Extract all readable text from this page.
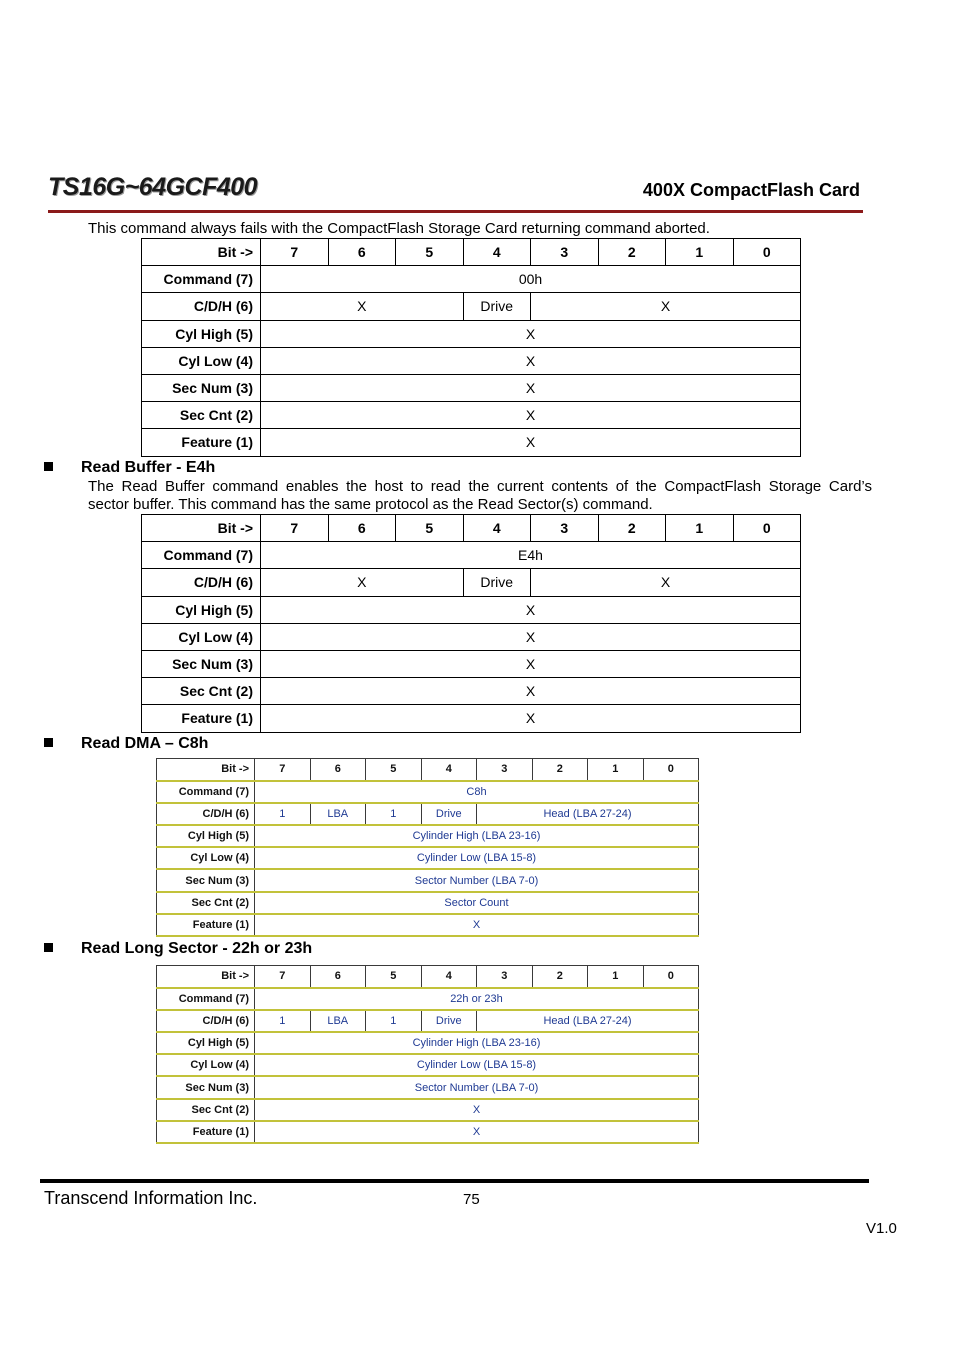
TS16G~64GCF400	400X CompactFlash Card
This command always fails with the CompactFlash Storage Card returning command aborted.
Bit ->	7	6	5	4	3	2	1	0
Command (7)	00h							
C/D/H (6)	X			Drive	X			
Cyl High (5)	X							
Cyl Low (4)	X							
Sec Num (3)	X							
Sec Cnt (2)	X							
Feature (1)	X							
Read Buffer - E4h
The Read Buffer command enables the host to read the current contents of the CompactFlash Storage Card’s
sector buffer. This command has the same protocol as the Read Sector(s) command.
Bit ->	7	6	5	4	3	2	1	0
Command (7)	E4h							
C/D/H (6)	X			Drive	X			
Cyl High (5)	X							
Cyl Low (4)	X							
Sec Num (3)	X							
Sec Cnt (2)	X							
Feature (1)	X							
Read DMA – C8h
Bit ->	7	6	5	4	3	2	1	0
Command (7)	C8h							
C/D/H (6)	1	LBA	1	Drive	Head (LBA 27-24)			
Cyl High (5)	Cylinder High (LBA 23-16)							
Cyl Low (4)	Cylinder Low (LBA 15-8)							
Sec Num (3)	Sector Number (LBA 7-0)							
Sec Cnt (2)	Sector Count							
Feature (1)	X							
Read Long Sector - 22h or 23h
Bit ->	7	6	5	4	3	2	1	0
Command (7)	22h or 23h							
C/D/H (6)	1	LBA	1	Drive	Head (LBA 27-24)			
Cyl High (5)	Cylinder High (LBA 23-16)							
Cyl Low (4)	Cylinder Low (LBA 15-8)							
Sec Num (3)	Sector Number (LBA 7-0)							
Sec Cnt (2)	X							
Feature (1)	X							
Transcend Information Inc.	75
V1.0
